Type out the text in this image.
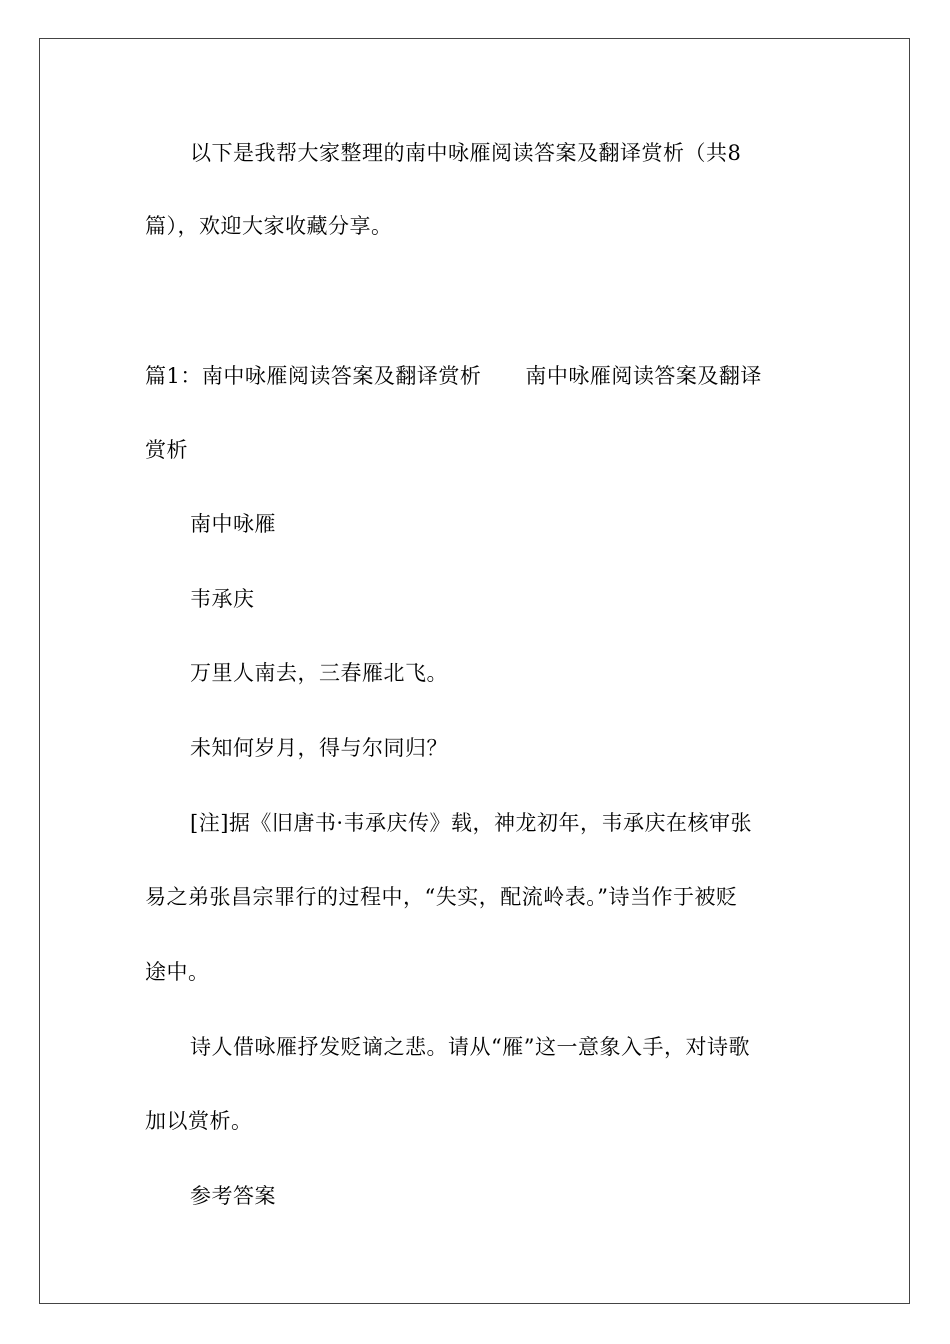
以下是我帮大家整理的南中咏雁阅读答案及翻译赏析（共8
篇），欢迎大家收藏分享。
篇1：南中咏雁阅读答案及翻译赏析 南中咏雁阅读答案及翻译
赏析
南中咏雁
韦承庆
万里人南去，三春雁北飞。
未知何岁月，得与尔同归？
[注]据《旧唐书·韦承庆传》载，神龙初年，韦承庆在核审张
易之弟张昌宗罪行的过程中，“失实，配流岭表。”诗当作于被贬
途中。
诗人借咏雁抒发贬谪之悲。请从“雁”这一意象入手，对诗歌
加以赏析。
参考答案
